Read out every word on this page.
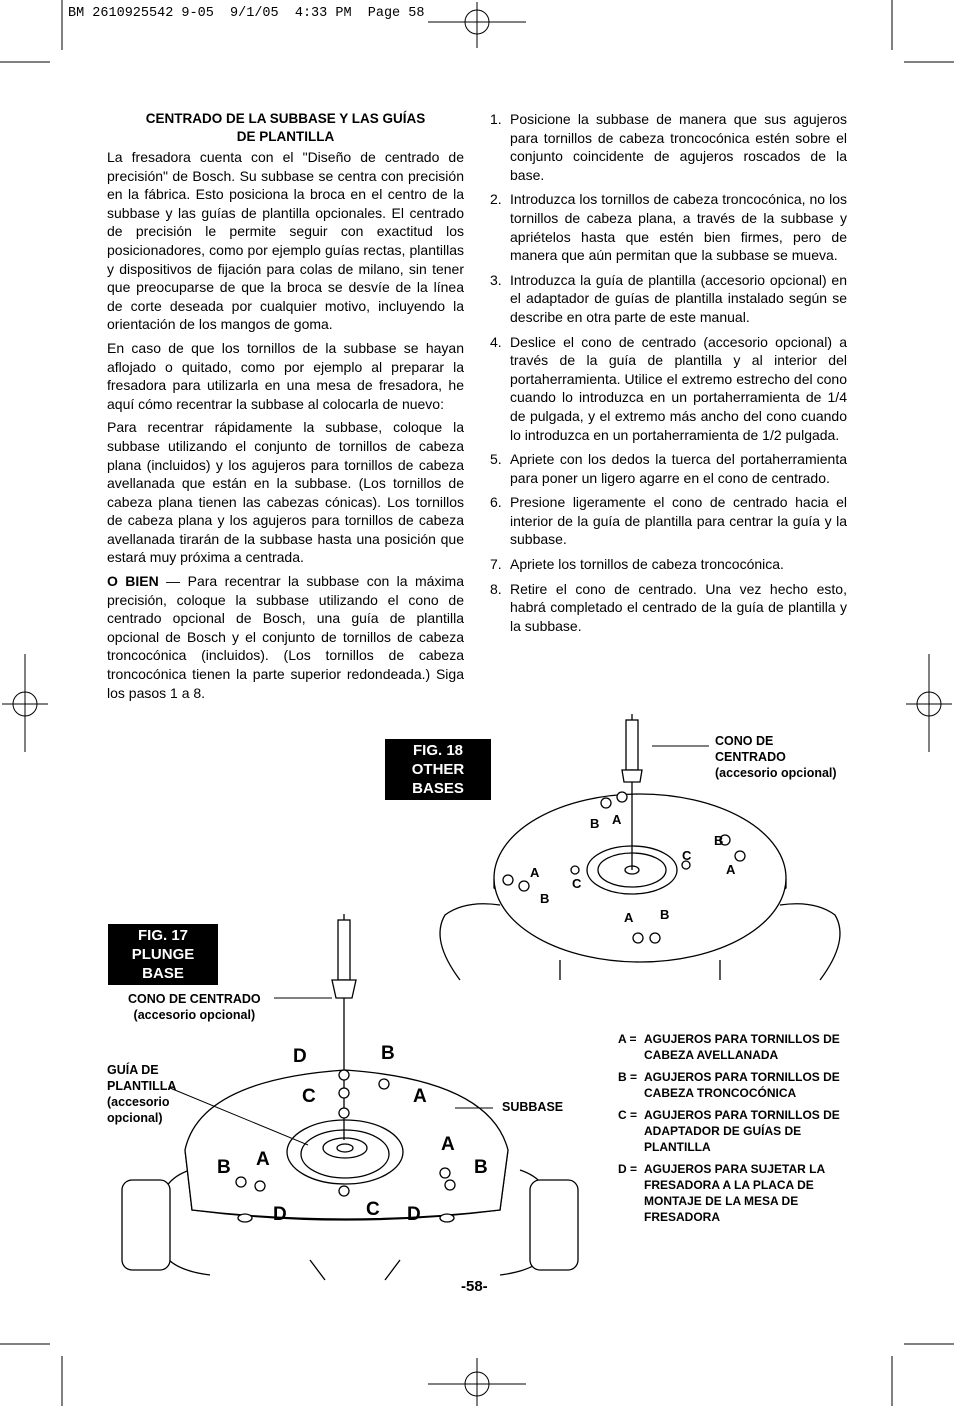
BM 2610925542 9-05  9/1/05  4:33 PM  Page 58
CENTRADO DE LA SUBBASE Y LAS GUÍAS
DE PLANTILLA

La fresadora cuenta con el "Diseño de centrado de precisión" de Bosch. Su subbase se centra con precisión en la fábrica. Esto posiciona la broca en el centro de la subbase y las guías de plantilla opcionales. El centrado de precisión le permite seguir con exactitud los posicionadores, como por ejemplo guías rectas, plantillas y dispositivos de fijación para colas de milano, sin tener que preocuparse de que la broca se desvíe de la línea de corte deseada por cualquier motivo, incluyendo la orientación de los mangos de goma.

En caso de que los tornillos de la subbase se hayan aflojado o quitado, como por ejemplo al preparar la fresadora para utilizarla en una mesa de fresadora, he aquí cómo recentrar la subbase al colocarla de nuevo:

Para recentrar rápidamente la subbase, coloque la subbase utilizando el conjunto de tornillos de cabeza plana (incluidos) y los agujeros para tornillos de cabeza avellanada que están en la subbase. (Los tornillos de cabeza plana tienen las cabezas cónicas). Los tornillos de cabeza plana y los agujeros para tornillos de cabeza avellanada tirarán de la subbase hasta una posición que estará muy próxima a centrada.

O BIEN — Para recentrar la subbase con la máxima precisión, coloque la subbase utilizando el cono de centrado opcional de Bosch, una guía de plantilla opcional de Bosch y el conjunto de tornillos de cabeza troncocónica (incluidos). (Los tornillos de cabeza troncocónica tienen la parte superior redondeada.) Siga los pasos 1 a 8.

1. Posicione la subbase de manera que sus agujeros para tornillos de cabeza troncocónica estén sobre el conjunto coincidente de agujeros roscados de la base.
2. Introduzca los tornillos de cabeza troncocónica, no los tornillos de cabeza plana, a través de la subbase y apriételos hasta que estén bien firmes, pero de manera que aún permitan que la subbase se mueva.
3. Introduzca la guía de plantilla (accesorio opcional) en el adaptador de guías de plantilla instalado según se describe en otra parte de este manual.
4. Deslice el cono de centrado (accesorio opcional) a través de la guía de plantilla y al interior del portaherramienta. Utilice el extremo estrecho del cono cuando lo introduzca en un portaherramienta de 1/4 de pulgada, y el extremo más ancho del cono cuando lo introduzca en un portaherramienta de 1/2 pulgada.
5. Apriete con los dedos la tuerca del portaherramienta para poner un ligero agarre en el cono de centrado.
6. Presione ligeramente el cono de centrado hacia el interior de la guía de plantilla para centrar la guía y la subbase.
7. Apriete los tornillos de cabeza troncocónica.
8. Retire el cono de centrado. Una vez hecho esto, habrá completado el centrado de la guía de plantilla y la subbase.
FIG. 18
OTHER BASES
CONO DE
CENTRADO
(accesorio opcional)
B A
B
C
A
A
C
B
A B
FIG. 17
PLUNGE BASE
CONO DE CENTRADO
(accesorio opcional)
GUÍA DE
PLANTILLA
(accesorio
opcional)
SUBBASE
D	B
C	A
A
B A	B
D	C D
A = AGUJEROS PARA TORNILLOS DE CABEZA AVELLANADA
B = AGUJEROS PARA TORNILLOS DE CABEZA TRONCOCÓNICA
C = AGUJEROS PARA TORNILLOS DE ADAPTADOR DE GUÍAS DE PLANTILLA
D = AGUJEROS PARA SUJETAR LA FRESADORA A LA PLACA DE MONTAJE DE LA MESA DE FRESADORA
-58-
